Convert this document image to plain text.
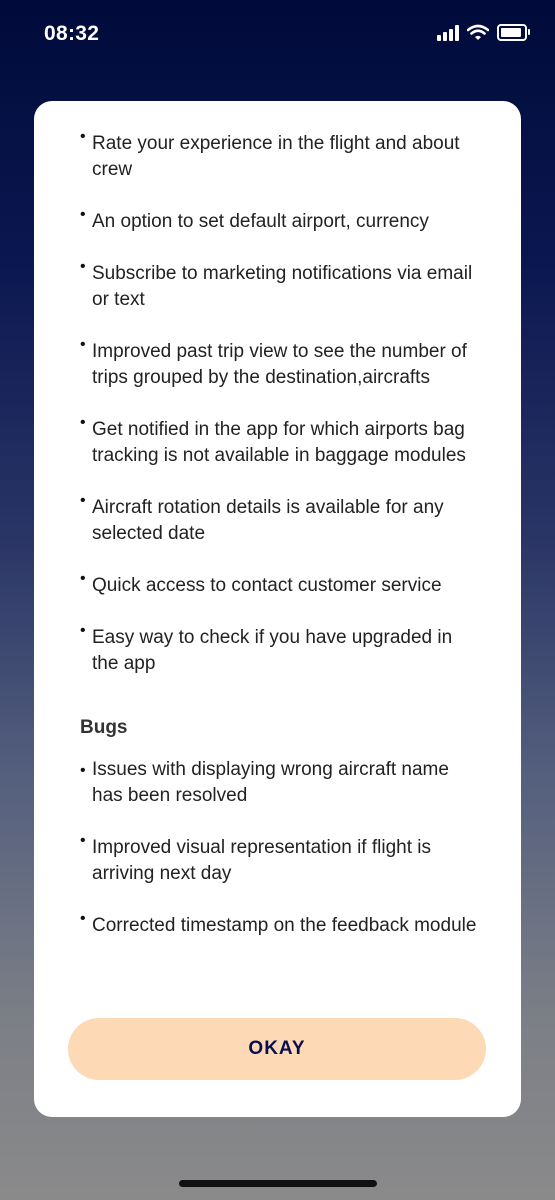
08:32
• Rate your experience in the flight and about crew
• An option to set default airport, currency
• Subscribe to marketing notifications via email or text
• Improved past trip view to see the number of trips grouped by the destination,aircrafts
• Get notified in the app for which airports bag tracking is not available in baggage modules
• Aircraft rotation details is available for any selected date
• Quick access to contact customer service
• Easy way to check if you have upgraded in the app
Bugs
• Issues with displaying wrong aircraft name has been resolved
• Improved visual representation if flight is arriving next day
• Corrected timestamp on the feedback module
OKAY
